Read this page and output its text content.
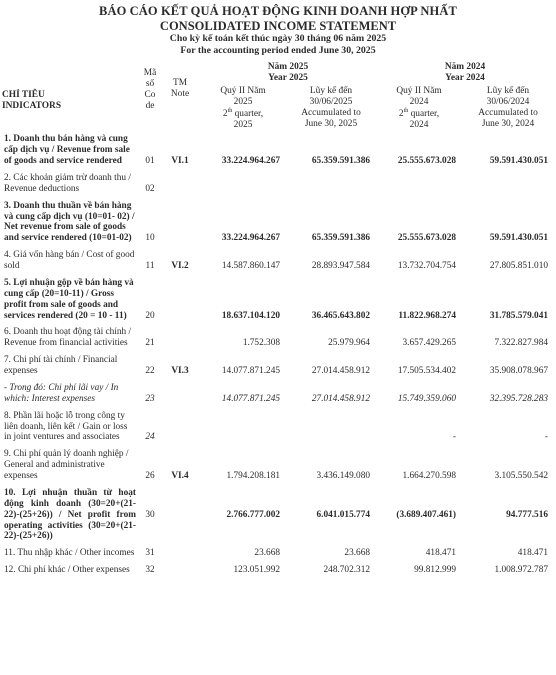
BÁO CÁO KẾT QUẢ HOẠT ĐỘNG KINH DOANH HỢP NHẤT
CONSOLIDATED INCOME STATEMENT
Cho kỳ kế toán kết thúc ngày 30 tháng 06 năm 2025
For the accounting period ended June 30, 2025
CHỈ TIÊU
INDICATORS	Mã
số
Co
de	TM
Note	Năm 2025
Year 2025		Năm 2024
Year 2024	
			Quý II Năm
2025
2th quarter,
2025	Lũy kế đến
30/06/2025
Accumulated to
June 30, 2025	Quý II Năm
2024
2th quarter,
2024	Lũy kế đến
30/06/2024
Accumulated to
June 30, 2024
1. Doanh thu bán hàng và cung cấp dịch vụ / Revenue from sale of goods and service rendered	01	VI.1	33.224.964.267	65.359.591.386	25.555.673.028	59.591.430.051
2. Các khoản giảm trừ doanh thu / Revenue deductions	02					
3. Doanh thu thuần về bán hàng và cung cấp dịch vụ (10=01- 02) / Net revenue from sale of goods and service rendered (10=01-02)	10		33.224.964.267	65.359.591.386	25.555.673.028	59.591.430.051
4. Giá vốn hàng bán / Cost of good sold	11	VI.2	14.587.860.147	28.893.947.584	13.732.704.754	27.805.851.010
5. Lợi nhuận gộp về bán hàng và cung cấp (20=10-11) / Gross profit from sale of goods and services rendered (20 = 10 - 11)	20		18.637.104.120	36.465.643.802	11.822.968.274	31.785.579.041
6. Doanh thu hoạt động tài chính / Revenue from financial activities	21		1.752.308	25.979.964	3.657.429.265	7.322.827.984
7. Chi phí tài chính / Financial expenses	22	VI.3	14.077.871.245	27.014.458.912	17.505.534.402	35.908.078.967
- Trong đó: Chi phí lãi vay / In which: Interest expenses	23		14.077.871.245	27.014.458.912	15.749.359.060	32.395.728.283
8. Phần lãi hoặc lỗ trong công ty liên doanh, liên kết / Gain or loss in joint ventures and associates	24				-	-
9. Chi phí quản lý doanh nghiệp / General and administrative expenses	26	VI.4	1.794.208.181	3.436.149.080	1.664.270.598	3.105.550.542
10. Lợi nhuận thuần từ hoạt động kinh doanh (30=20+(21-22)-(25+26)) / Net profit from operating activities (30=20+(21-22)-(25+26))	30		2.766.777.002	6.041.015.774	(3.689.407.461)	94.777.516
11. Thu nhập khác / Other incomes	31		23.668	23.668	418.471	418.471
12. Chi phí khác / Other expenses	32		123.051.992	248.702.312	99.812.999	1.008.972.787
